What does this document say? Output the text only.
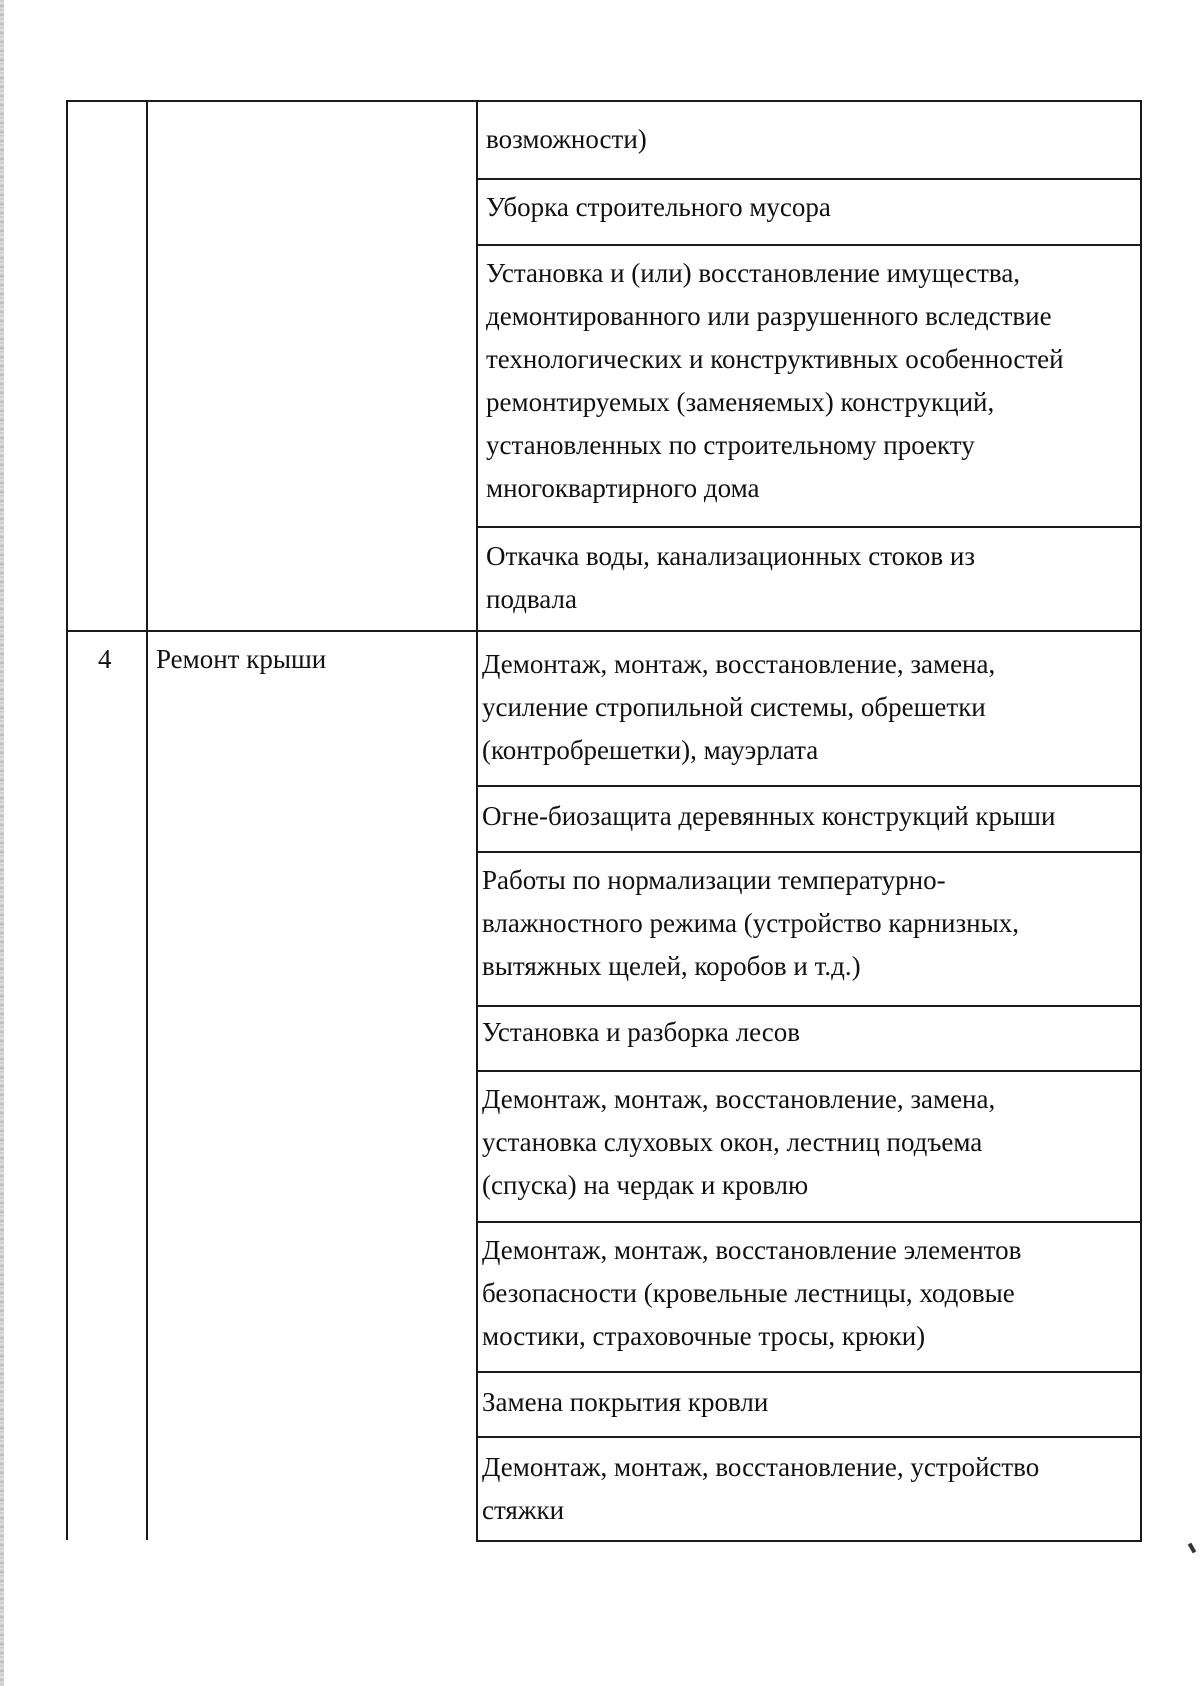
возможности)
Уборка строительного мусора
Установка и (или) восстановление имущества,
демонтированного или разрушенного вследствие
технологических и конструктивных особенностей
ремонтируемых (заменяемых) конструкций,
установленных по строительному проекту
многоквартирного дома
Откачка воды, канализационных стоков из
подвала
4 Ремонт крыши	Демонтаж, монтаж, восстановление, замена,
усиление стропильной системы, обрешетки
(контробрешетки), мауэрлата
Огне-биозащита деревянных конструкций крыши
Работы по нормализации температурно-
влажностного режима (устройство карнизных,
вытяжных щелей, коробов и т.д.)
Установка и разборка лесов
Демонтаж, монтаж, восстановление, замена,
установка слуховых окон, лестниц подъема
(спуска) на чердак и кровлю
Демонтаж, монтаж, восстановление элементов
безопасности (кровельные лестницы, ходовые
мостики, страховочные тросы, крюки)
Замена покрытия кровли
Демонтаж, монтаж, восстановление, устройство
стяжки
